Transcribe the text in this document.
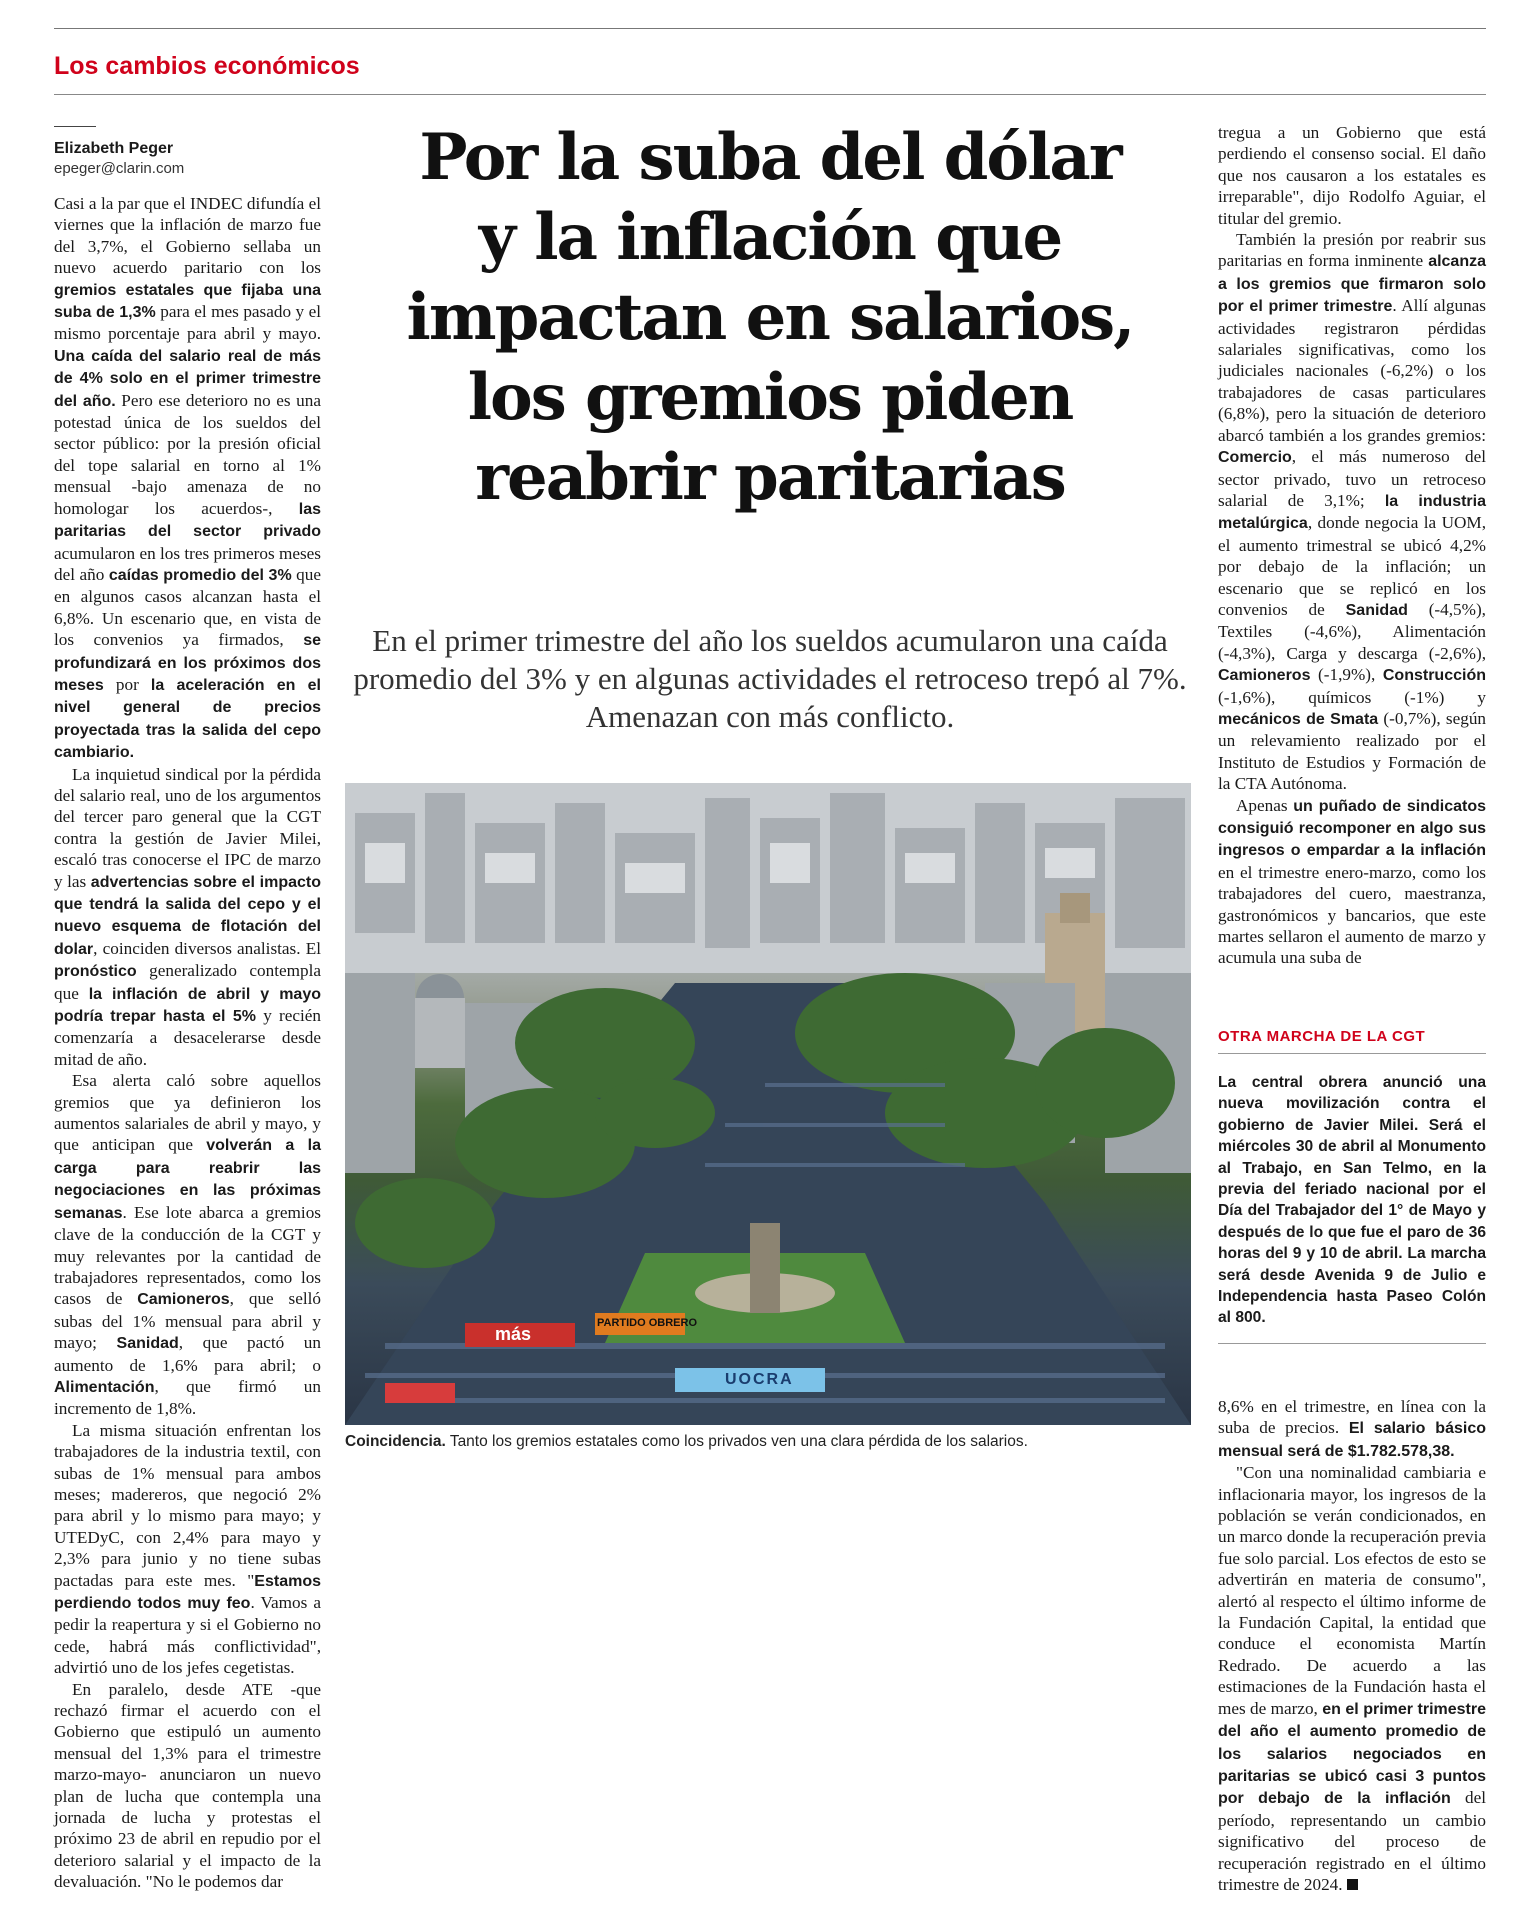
Los cambios económicos
Elizabeth Peger
epeger@clarin.com

Casi a la par que el INDEC difundía el viernes que la inflación de marzo fue del 3,7%, el Gobierno sellaba un nuevo acuerdo paritario con los gremios estatales que fijaba una suba de 1,3% para el mes pasado y el mismo porcentaje para abril y mayo. Una caída del salario real de más de 4% solo en el primer trimestre del año. Pero ese deterioro no es una potestad única de los sueldos del sector público: por la presión oficial del tope salarial en torno al 1% mensual -bajo amenaza de no homologar los acuerdos-, las paritarias del sector privado acumularon en los tres primeros meses del año caídas promedio del 3% que en algunos casos alcanzan hasta el 6,8%. Un escenario que, en vista de los convenios ya firmados, se profundizará en los próximos dos meses por la aceleración en el nivel general de precios proyectada tras la salida del cepo cambiario.

La inquietud sindical por la pérdida del salario real, uno de los argumentos del tercer paro general que la CGT contra la gestión de Javier Milei, escaló tras conocerse el IPC de marzo y las advertencias sobre el impacto que tendrá la salida del cepo y el nuevo esquema de flotación del dolar, coinciden diversos analistas. El pronóstico generalizado contempla que la inflación de abril y mayo podría trepar hasta el 5% y recién comenzaría a desacelerarse desde mitad de año.

Esa alerta caló sobre aquellos gremios que ya definieron los aumentos salariales de abril y mayo, y que anticipan que volverán a la carga para reabrir las negociaciones en las próximas semanas. Ese lote abarca a gremios clave de la conducción de la CGT y muy relevantes por la cantidad de trabajadores representados, como los casos de Camioneros, que selló subas del 1% mensual para abril y mayo; Sanidad, que pactó un aumento de 1,6% para abril; o Alimentación, que firmó un incremento de 1,8%.

La misma situación enfrentan los trabajadores de la industria textil, con subas de 1% mensual para ambos meses; madereros, que negoció 2% para abril y lo mismo para mayo; y UTEDyC, con 2,4% para mayo y 2,3% para junio y no tiene subas pactadas para este mes. "Estamos perdiendo todos muy feo. Vamos a pedir la reapertura y si el Gobierno no cede, habrá más conflictividad", advirtió uno de los jefes cegetistas.

En paralelo, desde ATE -que rechazó firmar el acuerdo con el Gobierno que estipuló un aumento mensual del 1,3% para el trimestre marzo-mayo- anunciaron un nuevo plan de lucha que contempla una jornada de lucha y protestas el próximo 23 de abril en repudio por el deterioro salarial y el impacto de la devaluación. "No le podemos dar

Por la suba del dólar
y la inflación que
impactan en salarios,
los gremios piden
reabrir paritarias
En el primer trimestre del año los sueldos acumularon una caída promedio del 3% y en algunas actividades el retroceso trepó al 7%. Amenazan con más conflicto.
PARTIDO OBRERO
UOCRA
más
Coincidencia. Tanto los gremios estatales como los privados ven una clara pérdida de los salarios.

tregua a un Gobierno que está perdiendo el consenso social. El daño que nos causaron a los estatales es irreparable", dijo Rodolfo Aguiar, el titular del gremio.

También la presión por reabrir sus paritarias en forma inminente alcanza a los gremios que firmaron solo por el primer trimestre. Allí algunas actividades registraron pérdidas salariales significativas, como los judiciales nacionales (-6,2%) o los trabajadores de casas particulares (6,8%), pero la situación de deterioro abarcó también a los grandes gremios: Comercio, el más numeroso del sector privado, tuvo un retroceso salarial de 3,1%; la industria metalúrgica, donde negocia la UOM, el aumento trimestral se ubicó 4,2% por debajo de la inflación; un escenario que se replicó en los convenios de Sanidad (-4,5%), Textiles (-4,6%), Alimentación (-4,3%), Carga y descarga (-2,6%), Camioneros (-1,9%), Construcción (-1,6%), químicos (-1%) y mecánicos de Smata (-0,7%), según un relevamiento realizado por el Instituto de Estudios y Formación de la CTA Autónoma.

Apenas un puñado de sindicatos consiguió recomponer en algo sus ingresos o empardar a la inflación en el trimestre enero-marzo, como los trabajadores del cuero, maestranza, gastronómicos y bancarios, que este martes sellaron el aumento de marzo y acumula una suba de

OTRA MARCHA DE LA CGT
La central obrera anunció una nueva movilización contra el gobierno de Javier Milei. Será el miércoles 30 de abril al Monumento al Trabajo, en San Telmo, en la previa del feriado nacional por el Día del Trabajador del 1° de Mayo y después de lo que fue el paro de 36 horas del 9 y 10 de abril. La marcha será desde Avenida 9 de Julio e Independencia hasta Paseo Colón al 800.

8,6% en el trimestre, en línea con la suba de precios. El salario básico mensual será de $1.782.578,38.

"Con una nominalidad cambiaria e inflacionaria mayor, los ingresos de la población se verán condicionados, en un marco donde la recuperación previa fue solo parcial. Los efectos de esto se advertirán en materia de consumo", alertó al respecto el último informe de la Fundación Capital, la entidad que conduce el economista Martín Redrado. De acuerdo a las estimaciones de la Fundación hasta el mes de marzo, en el primer trimestre del año el aumento promedio de los salarios negociados en paritarias se ubicó casi 3 puntos por debajo de la inflación del período, representando un cambio significativo del proceso de recuperación registrado en el último trimestre de 2024.
